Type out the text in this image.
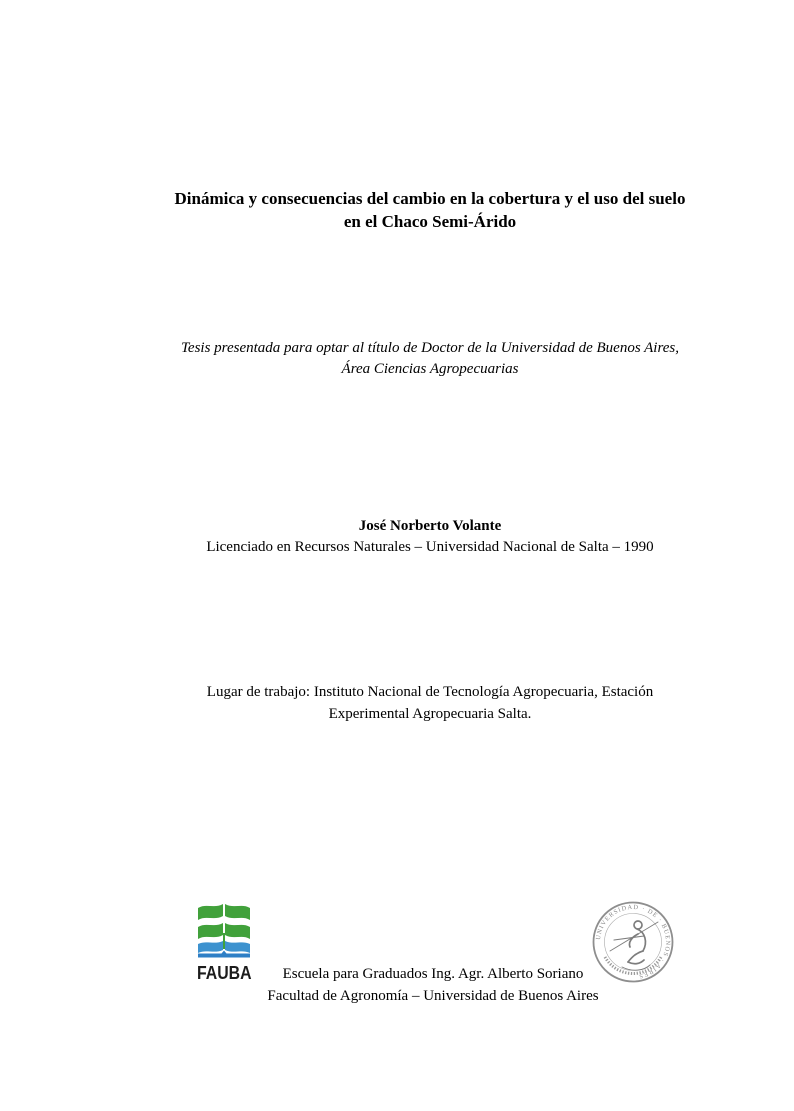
Dinámica y consecuencias del cambio en la cobertura y el uso del suelo
en el Chaco Semi-Árido
Tesis presentada para optar al título de Doctor de la Universidad de Buenos Aires,
Área Ciencias Agropecuarias
José Norberto Volante
Licenciado en Recursos Naturales – Universidad Nacional de Salta – 1990
Lugar de trabajo: Instituto Nacional de Tecnología Agropecuaria, Estación
Experimental Agropecuaria Salta.
FAUBA	Escuela para Graduados Ing. Agr. Alberto Soriano
Facultad de Agronomía – Universidad de Buenos Aires
UNIVERSIDAD · DE · BUENOS · AIRES
